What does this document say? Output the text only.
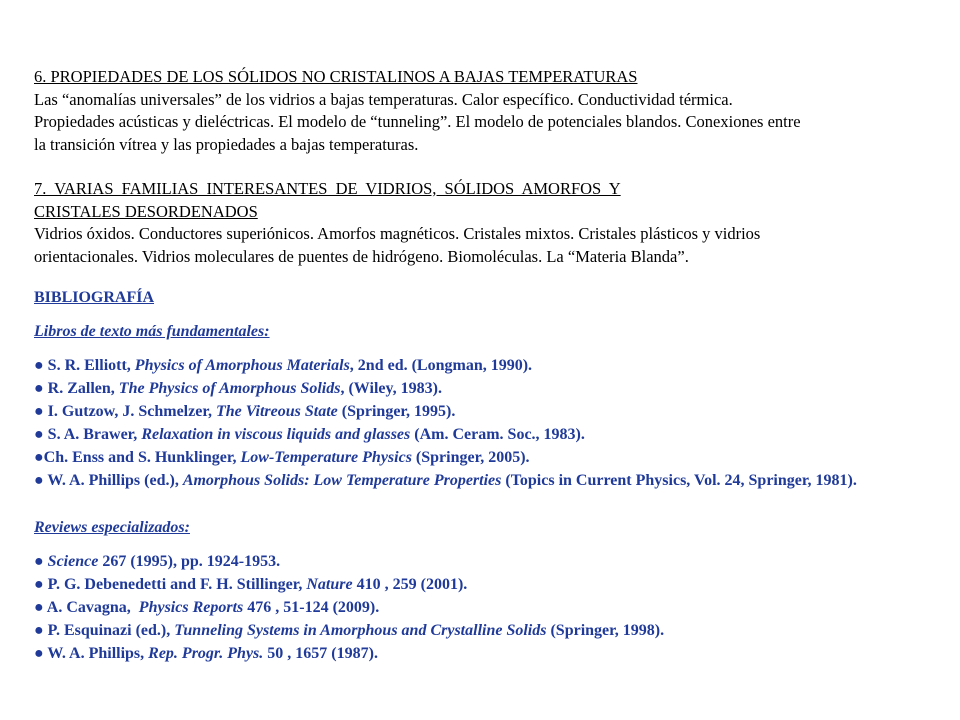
6. PROPIEDADES DE LOS SÓLIDOS NO CRISTALINOS A BAJAS TEMPERATURAS
Las “anomalías universales” de los vidrios a bajas temperaturas. Calor específico. Conductividad térmica.
Propiedades acústicas y dieléctricas. El modelo de “tunneling”. El modelo de potenciales blandos. Conexiones entre
la transición vítrea y las propiedades a bajas temperaturas.
7. VARIAS FAMILIAS INTERESANTES DE VIDRIOS, SÓLIDOS AMORFOS Y
CRISTALES DESORDENADOS
Vidrios óxidos. Conductores superiónicos. Amorfos magnéticos. Cristales mixtos. Cristales plásticos y vidrios
orientacionales. Vidrios moleculares de puentes de hidrógeno. Biomoléculas. La “Materia Blanda”.
BIBLIOGRAFÍA
Libros de texto más fundamentales:
● S. R. Elliott, Physics of Amorphous Materials, 2nd ed. (Longman, 1990).
● R. Zallen, The Physics of Amorphous Solids, (Wiley, 1983).
● I. Gutzow, J. Schmelzer, The Vitreous State (Springer, 1995).
● S. A. Brawer, Relaxation in viscous liquids and glasses (Am. Ceram. Soc., 1983).
●Ch. Enss and S. Hunklinger, Low-Temperature Physics (Springer, 2005).
● W. A. Phillips (ed.), Amorphous Solids: Low Temperature Properties (Topics in Current Physics, Vol. 24, Springer, 1981).
Reviews especializados:
● Science 267 (1995), pp. 1924-1953.
● P. G. Debenedetti and F. H. Stillinger, Nature 410 , 259 (2001).
● A. Cavagna,  Physics Reports 476 , 51-124 (2009).
● P. Esquinazi (ed.), Tunneling Systems in Amorphous and Crystalline Solids (Springer, 1998).
● W. A. Phillips, Rep. Progr. Phys. 50 , 1657 (1987).
